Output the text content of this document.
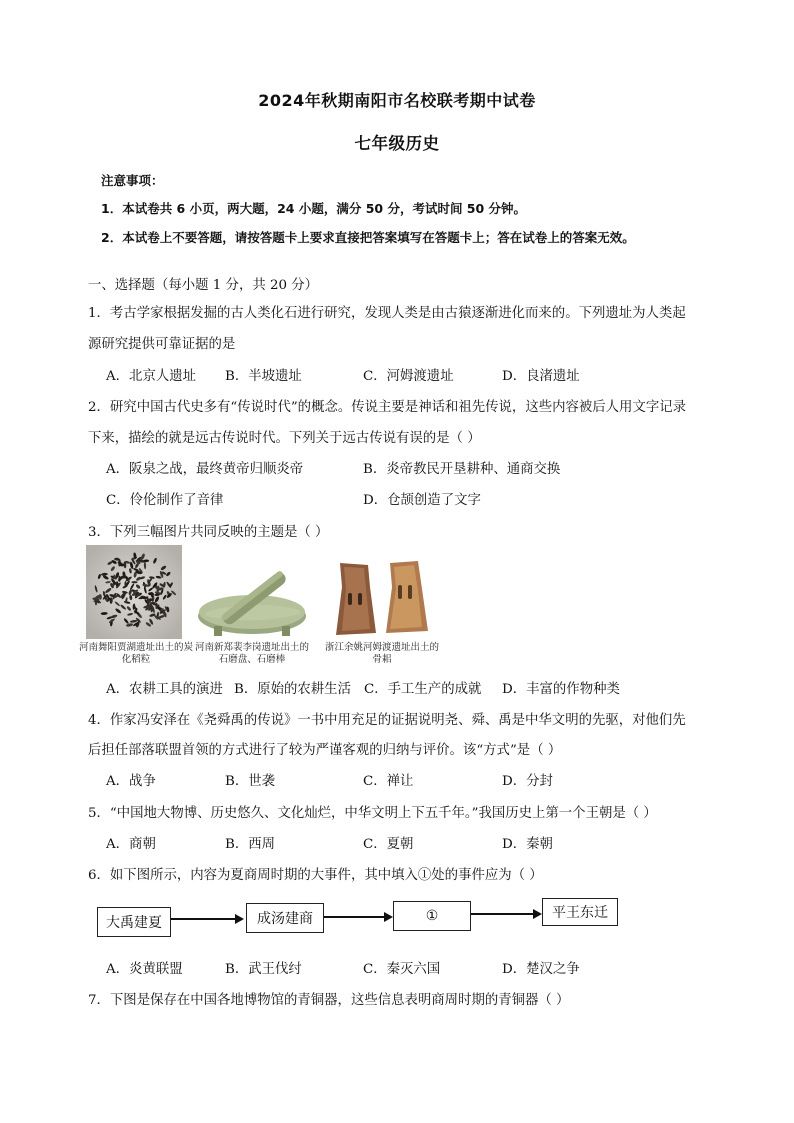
2024年秋期南阳市名校联考期中试卷
七年级历史
注意事项：
1．本试卷共 6 小页，两大题，24 小题，满分 50 分，考试时间 50 分钟。
2．本试卷上不要答题，请按答题卡上要求直接把答案填写在答题卡上；答在试卷上的答案无效。
一、选择题（每小题 1 分，共 20 分）
1．考古学家根据发掘的古人类化石进行研究，发现人类是由古猿逐渐进化而来的。下列遗址为人类起
源研究提供可靠证据的是
A．北京人遗址 B．半坡遗址	C．河姆渡遗址	D．良渚遗址
2．研究中国古代史多有“传说时代”的概念。传说主要是神话和祖先传说，这些内容被后人用文字记录
下来，描绘的就是远古传说时代。下列关于远古传说有误的是（ ）
A．阪泉之战，最终黄帝归顺炎帝	B．炎帝教民开垦耕种、通商交换
C．伶伦制作了音律	D．仓颉创造了文字
3．下列三幅图片共同反映的主题是（ ）
河南舞阳贾湖遗址出土的炭化稻粒
河南新郑裴李岗遗址出土的石磨盘、石磨棒
浙江余姚河姆渡遗址出土的骨耜
A．农耕工具的演进 B．原始的农耕生活 C．手工生产的成就 D．丰富的作物种类
4．作家冯安泽在《尧舜禹的传说》一书中用充足的证据说明尧、舜、禹是中华文明的先驱，对他们先
后担任部落联盟首领的方式进行了较为严谨客观的归纳与评价。该“方式”是（ ）
A．战争	B．世袭	C．禅让	D．分封
5．“中国地大物博、历史悠久、文化灿烂，中华文明上下五千年。”我国历史上第一个王朝是（ ）
A．商朝	B．西周	C．夏朝	D．秦朝
6．如下图所示，内容为夏商周时期的大事件，其中填入①处的事件应为（ ）
大禹建夏	成汤建商	①	平王东迁
A．炎黄联盟	B．武王伐纣	C．秦灭六国	D．楚汉之争
7．下图是保存在中国各地博物馆的青铜器，这些信息表明商周时期的青铜器（ ）
